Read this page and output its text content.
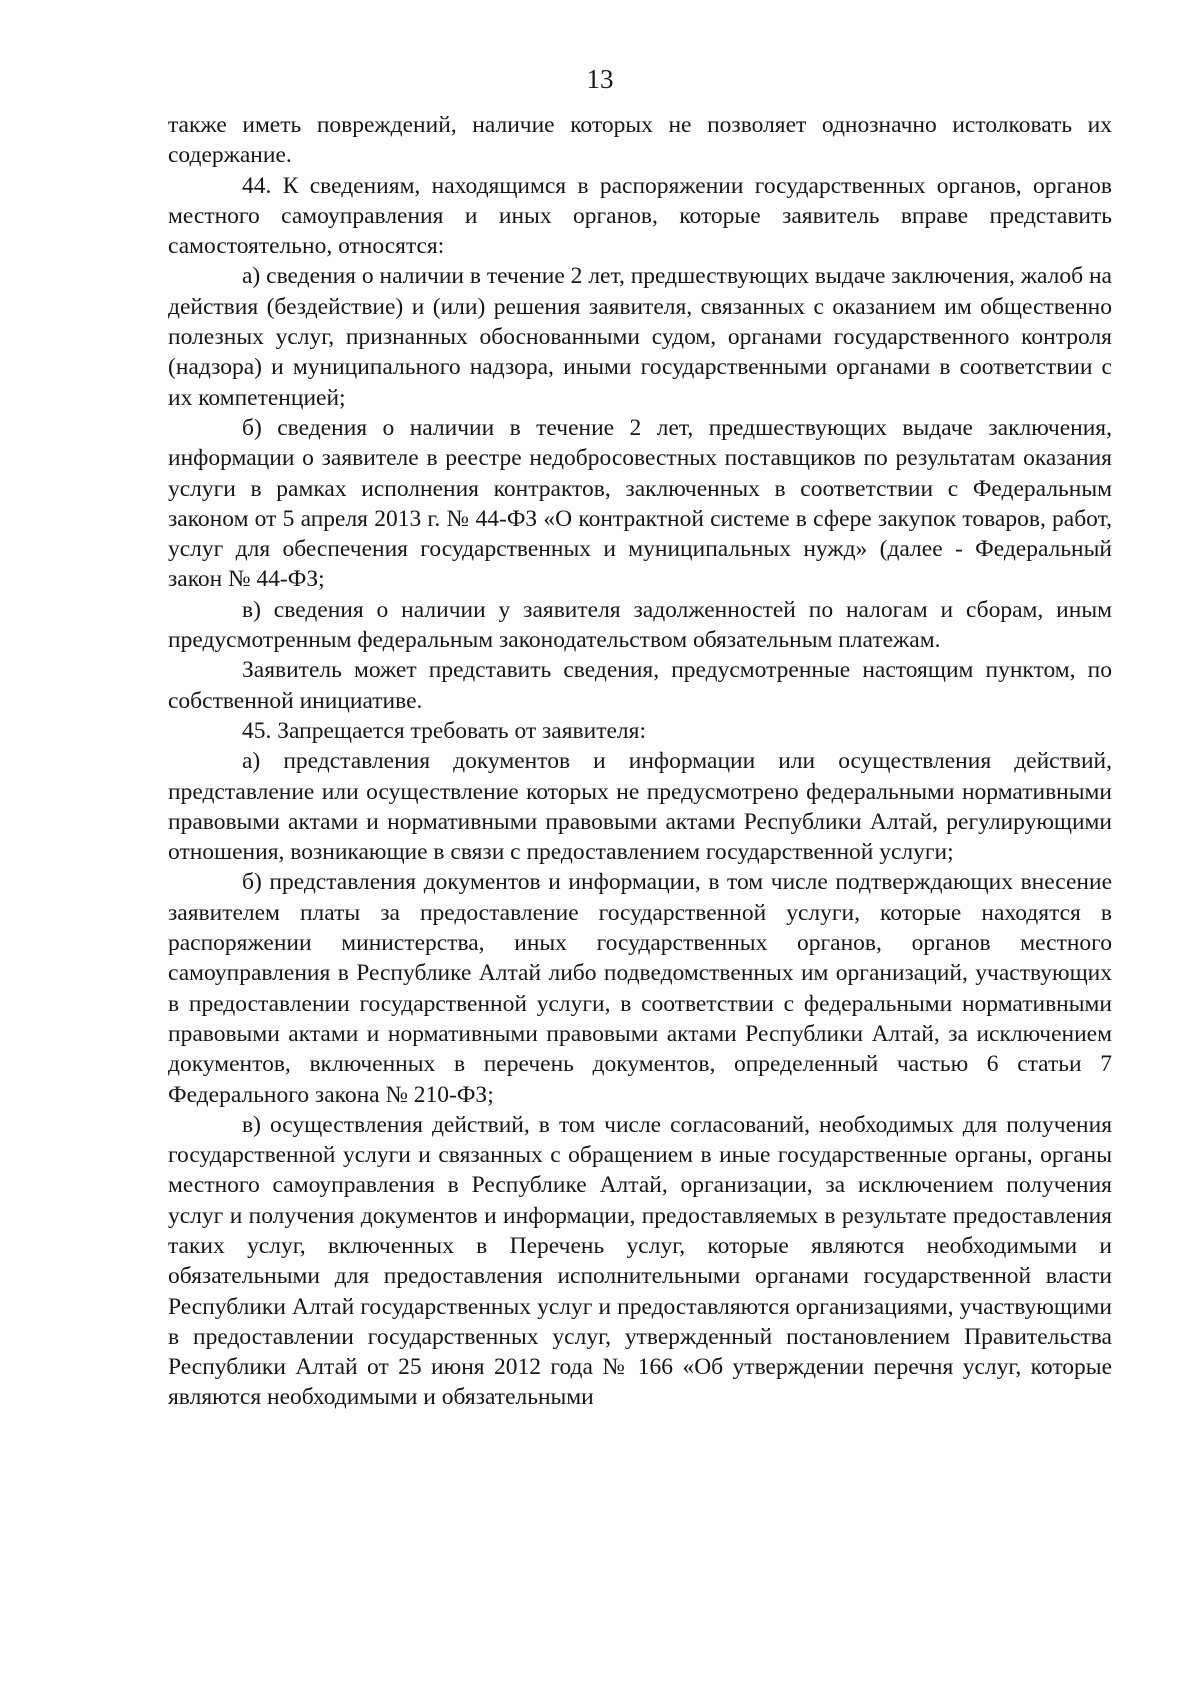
13

также иметь повреждений, наличие которых не позволяет однозначно истолковать их содержание.

44. К сведениям, находящимся в распоряжении государственных органов, органов местного самоуправления и иных органов, которые заявитель вправе представить самостоятельно, относятся:

а) сведения о наличии в течение 2 лет, предшествующих выдаче заключения, жалоб на действия (бездействие) и (или) решения заявителя, связанных с оказанием им общественно полезных услуг, признанных обоснованными судом, органами государственного контроля (надзора) и муниципального надзора, иными государственными органами в соответствии с их компетенцией;

б) сведения о наличии в течение 2 лет, предшествующих выдаче заключения, информации о заявителе в реестре недобросовестных поставщиков по результатам оказания услуги в рамках исполнения контрактов, заключенных в соответствии с Федеральным законом от 5 апреля 2013 г. № 44-ФЗ «О контрактной системе в сфере закупок товаров, работ, услуг для обеспечения государственных и муниципальных нужд» (далее - Федеральный закон № 44-ФЗ;

в) сведения о наличии у заявителя задолженностей по налогам и сборам, иным предусмотренным федеральным законодательством обязательным платежам.

Заявитель может представить сведения, предусмотренные настоящим пунктом, по собственной инициативе.

45. Запрещается требовать от заявителя:

а) представления документов и информации или осуществления действий, представление или осуществление которых не предусмотрено федеральными нормативными правовыми актами и нормативными правовыми актами Республики Алтай, регулирующими отношения, возникающие в связи с предоставлением государственной услуги;

б) представления документов и информации, в том числе подтверждающих внесение заявителем платы за предоставление государственной услуги, которые находятся в распоряжении министерства, иных государственных органов, органов местного самоуправления в Республике Алтай либо подведомственных им организаций, участвующих в предоставлении государственной услуги, в соответствии с федеральными нормативными правовыми актами и нормативными правовыми актами Республики Алтай, за исключением документов, включенных в перечень документов, определенный частью 6 статьи 7 Федерального закона № 210-ФЗ;

в) осуществления действий, в том числе согласований, необходимых для получения государственной услуги и связанных с обращением в иные государственные органы, органы местного самоуправления в Республике Алтай, организации, за исключением получения услуг и получения документов и информации, предоставляемых в результате предоставления таких услуг, включенных в Перечень услуг, которые являются необходимыми и обязательными для предоставления исполнительными органами государственной власти Республики Алтай государственных услуг и предоставляются организациями, участвующими в предоставлении государственных услуг, утвержденный постановлением Правительства Республики Алтай от 25 июня 2012 года № 166 «Об утверждении перечня услуг, которые являются необходимыми и обязательными
